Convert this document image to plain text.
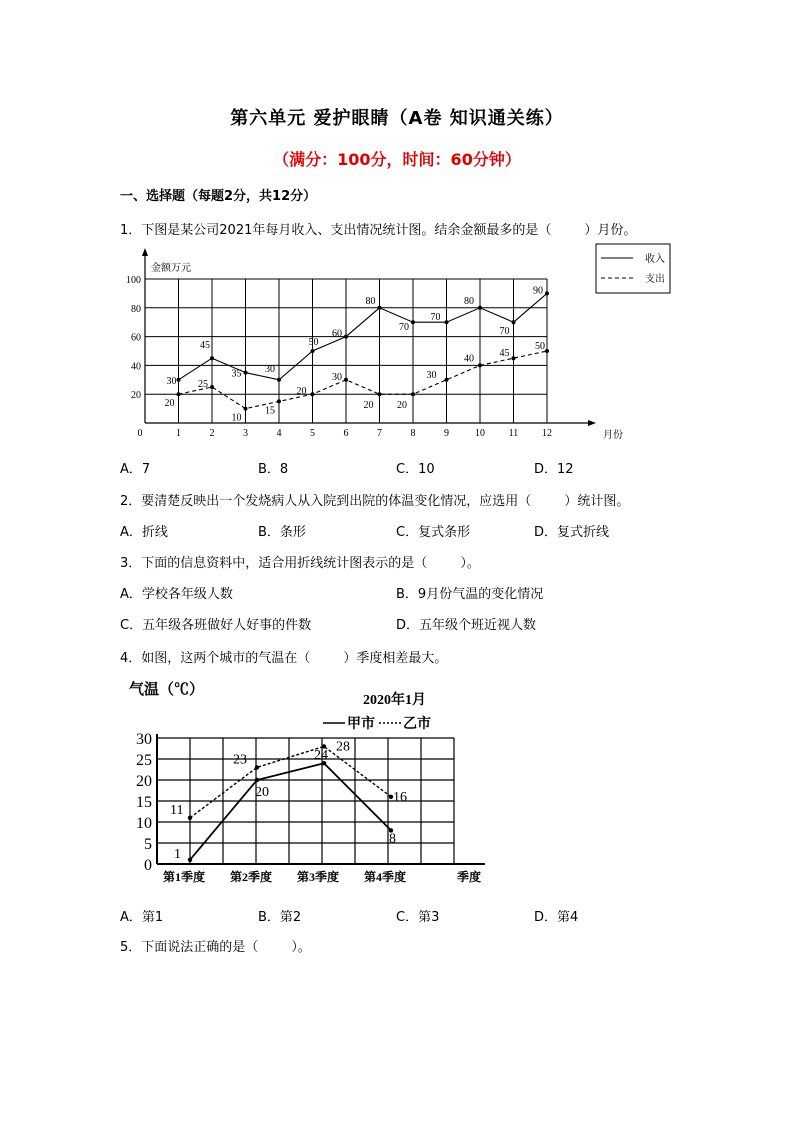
第六单元 爱护眼睛（A卷 知识通关练）
（满分：100分，时间：60分钟）
一、选择题（每题2分，共12分）
1．下图是某公司2021年每月收入、支出情况统计图。结余金额最多的是（        ）月份。
20
40
60
80
100
金额万元
月份
0	1	2	3	4	5	6	7	8	9	10 11 12
30
45
35 30
50
60
80
70
70
80
70
90
20
25
10
15
20
30
20 20
30
40	45
50
收入
支出
A．7	B．8	C．10	D．12
2．要清楚反映出一个发烧病人从入院到出院的体温变化情况，应选用（        ）统计图。
A．折线	B．条形	C．复式条形	D．复式折线
3．下面的信息资料中，适合用折线统计图表示的是（        ）。
A．学校各年级人数	B．9月份气温的变化情况
C．五年级各班做好人好事的件数	D．五年级个班近视人数
4．如图，这两个城市的气温在（        ）季度相差最大。
0
5
10
15
20
25
30
气温（℃）
2020年1月
甲市 乙市
第1季度 第2季度 第3季度 第4季度	季度
1
20
24
8
11
23
28
16
A．第1	B．第2	C．第3	D．第4
5．下面说法正确的是（        ）。
